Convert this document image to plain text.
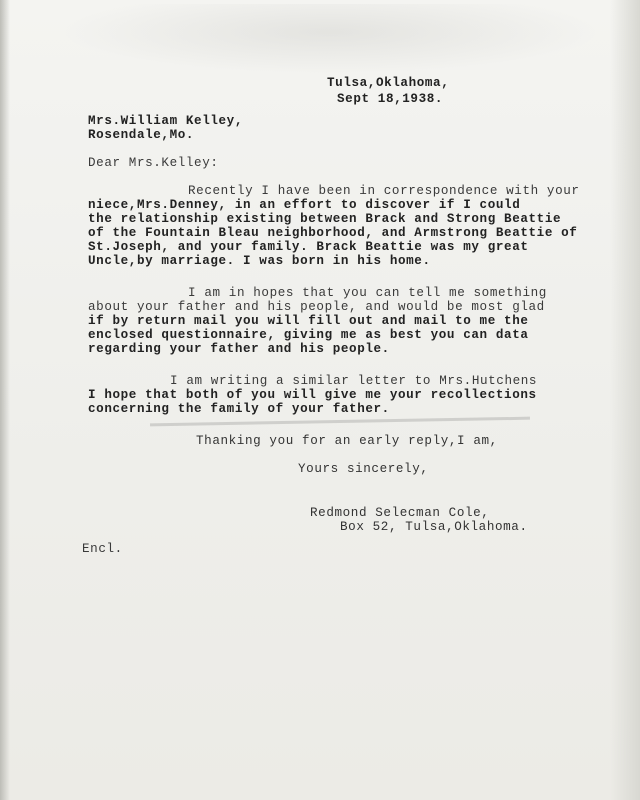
Tulsa,Oklahoma,
Sept 18,1938.
Mrs.William Kelley,
Rosendale,Mo.
Dear Mrs.Kelley:
Recently I have been in correspondence with your
niece,Mrs.Denney, in an effort to discover if I could
the relationship existing between Brack and Strong Beattie
of the Fountain Bleau neighborhood, and Armstrong Beattie of
St.Joseph, and your family. Brack Beattie was my great
Uncle,by marriage. I was born in his home.
I am in hopes that you can tell me something
about your father and his people, and would be most glad
if by return mail you will fill out and mail to me the
enclosed questionnaire, giving me as best you can data
regarding your father and his people.
I am writing a similar letter to Mrs.Hutchens
I hope that both of you will give me your recollections
concerning the family of your father.
Thanking you for an early reply,I am,
Yours sincerely,
Redmond Selecman Cole,
Box 52, Tulsa,Oklahoma.
Encl.
